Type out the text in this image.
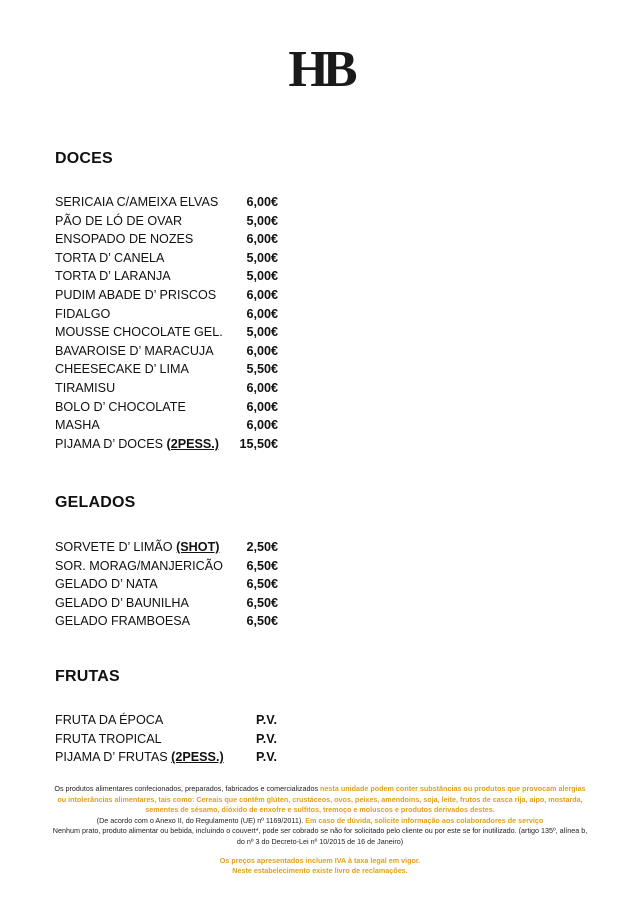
HB
DOCES
SERICAIA C/AMEIXA ELVAS 6,00€
PÃO DE LÓ DE OVAR	5,00€
ENSOPADO DE NOZES	6,00€
TORTA D’ CANELA	5,00€
TORTA D’ LARANJA	5,00€
PUDIM ABADE D’ PRISCOS 6,00€
FIDALGO	6,00€
MOUSSE CHOCOLATE GEL. 5,00€
BAVAROISE D’ MARACUJA	6,00€
CHEESECAKE D’ LIMA	5,50€
TIRAMISU	6,00€
BOLO D’ CHOCOLATE	6,00€
MASHA	6,00€
PIJAMA D’ DOCES (2PESS.) 15,50€
GELADOS
SORVETE D’ LIMÃO (SHOT) 2,50€
SOR. MORAG/MANJERICÃO 6,50€
GELADO D’ NATA	6,50€
GELADO D’ BAUNILHA	6,50€
GELADO FRAMBOESA	6,50€
FRUTAS
FRUTA DA ÉPOCA	P.V.
FRUTA TROPICAL	P.V.
PIJAMA D’ FRUTAS (2PESS.)	P.V.

Os produtos alimentares confecionados, preparados, fabricados e comercializados nesta unidade podem conter substâncias ou produtos que provocam alergias ou intolerâncias alimentares, tais como: Cereais que contêm glúten, crustáceos, ovos, peixes, amendoins, soja, leite, frutos de casca rija, aipo, mostarda, sementes de sésamo, dióxido de enxofre e sulfitos, tremoço e moluscos e produtos derivados destes.

(De acordo com o Anexo II, do Regulamento (UE) nº 1169/2011). Em caso de dúvida, solicite informação aos colaboradores de serviço

Nenhum prato, produto alimentar ou bebida, incluindo o couvert*, pode ser cobrado se não for solicitado pelo cliente ou por este se for inutilizado. (artigo 135º, alínea b, do nº 3 do Decreto-Lei nº 10/2015 de 16 de Janeiro)

Os preços apresentados incluem IVA à taxa legal em vigor.

Neste estabelecimento existe livro de reclamações.
